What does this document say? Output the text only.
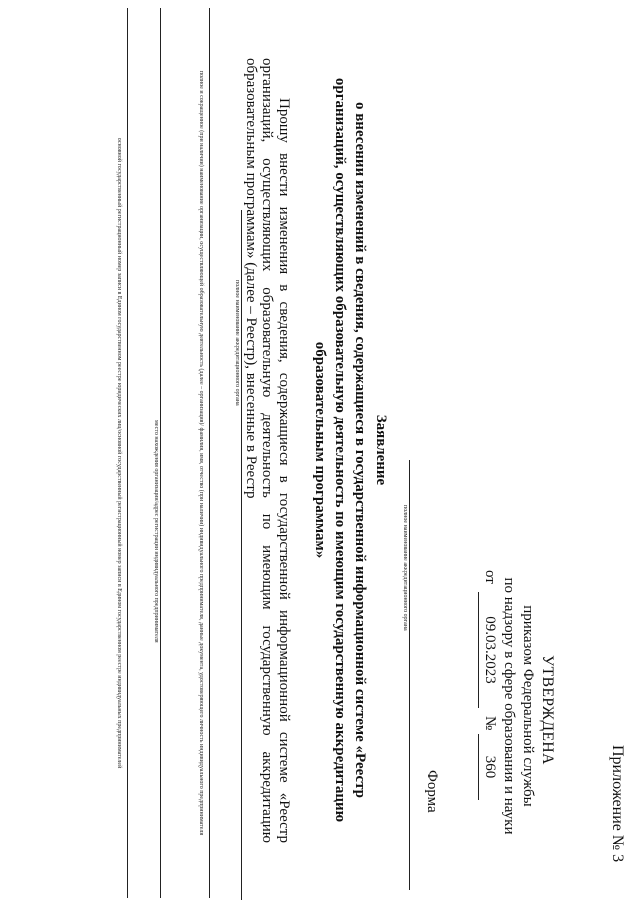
Приложение № 3
УТВЕРЖДЕНА
приказом Федеральной службы
по надзору в сфере образования и науки
от
09.03.2023
№
360
Форма
полное наименование аккредитационного органа
Заявление
о внесении изменений в сведения, содержащиеся в государственной информационной системе «Реестр организаций, осуществляющих образовательную деятельность по имеющим государственную аккредитацию образовательным программам»
Прошу внести изменения в сведения, содержащиеся в государственной информационной системе «Реестр организаций, осуществляющих образовательную деятельность по имеющим государственную аккредитацию образовательным программам» (далее – Реестр), внесенные в Реестр
полное наименование аккредитационного органа
полное и сокращенное (при наличии) наименование организации, осуществляющей образовательную деятельность (далее – организация)/ фамилия, имя, отчество (при наличии) индивидуального предпринимателя, данные документа, удостоверяющего личность индивидуального предпринимателя
место нахождения организации/адрес регистрации индивидуального предпринимателя
основной государственный регистрационный номер записи в Едином государственном реестре юридических лиц/основной государственный регистрационный номер записи в Едином государственном реестре индивидуальных предпринимателей
